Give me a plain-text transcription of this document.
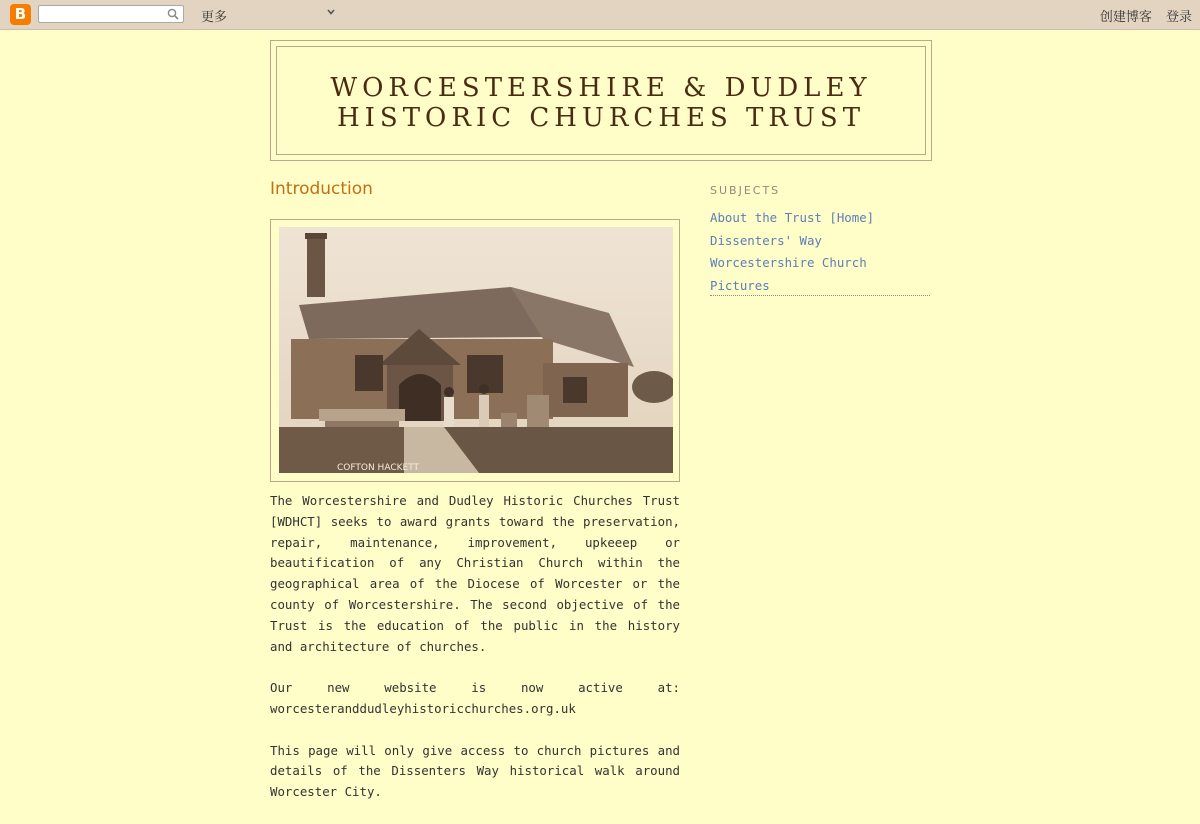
B	更多	创建博客 登录
WORCESTERSHIRE & DUDLEY
HISTORIC CHURCHES TRUST
Introduction
COFTON HACKETT

The Worcestershire and Dudley Historic Churches Trust [WDHCT] seeks to award grants toward the preservation, repair, maintenance, improvement, upkeeep or beautification of any Christian Church within the geographical area of the Diocese of Worcester or the county of Worcestershire. The second objective of the Trust is the education of the public in the history and architecture of churches.

Our new website is now active at: worcesteranddudleyhistoricchurches.org.uk

This page will only give access to church pictures and details of the Dissenters Way historical walk around Worcester City.

SUBJECTS
About the Trust [Home]
Dissenters' Way
Worcestershire Church Pictures
